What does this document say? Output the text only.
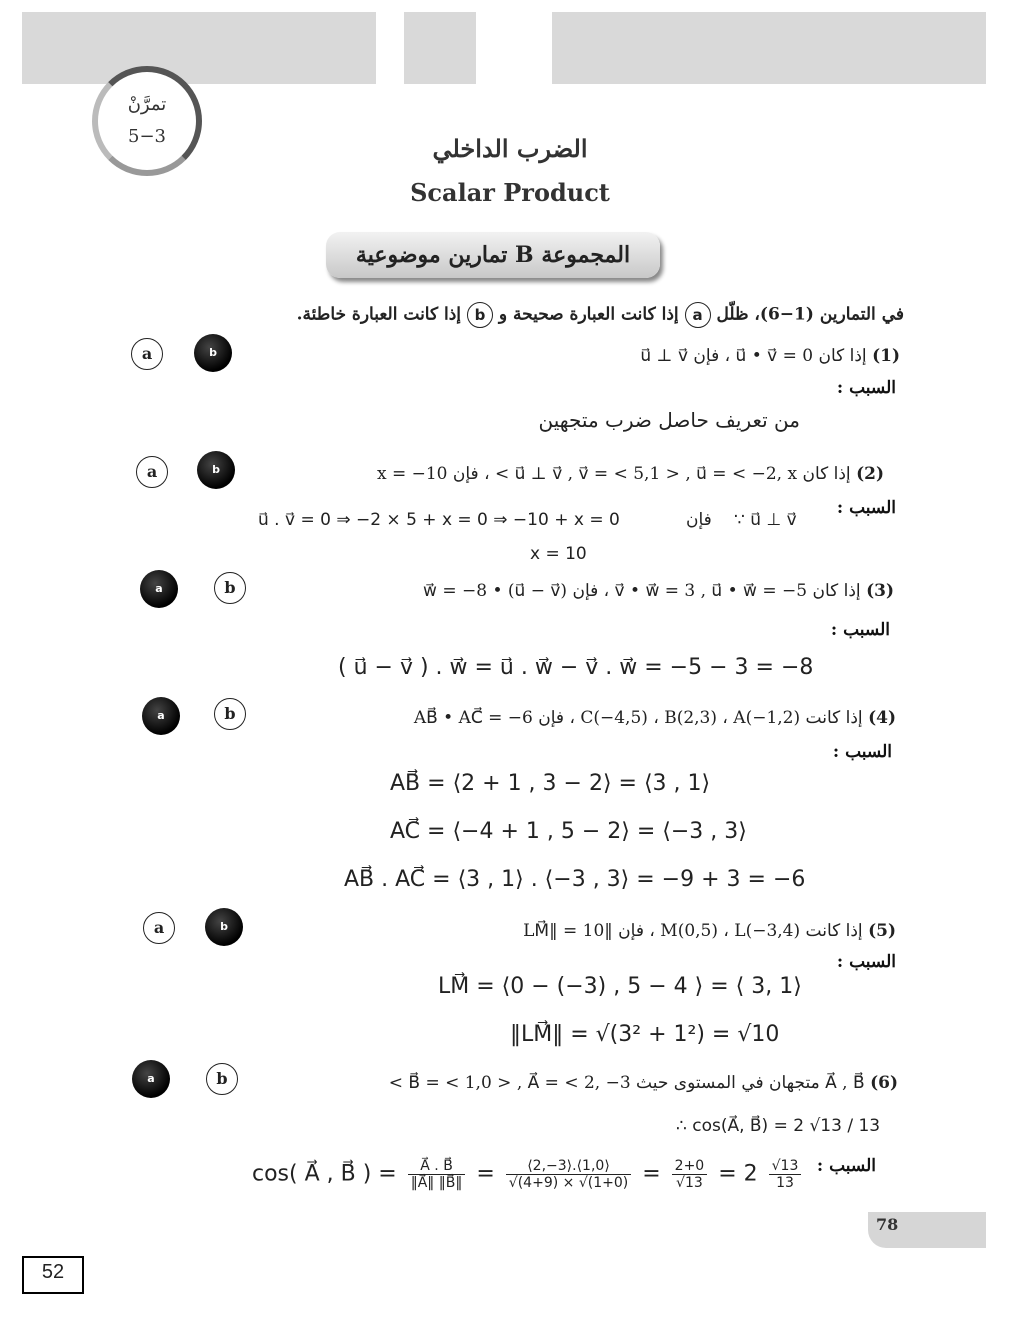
تمرَّنْ
5−3	الضرب الداخلي
Scalar Product
المجموعة B تمارين موضوعية
في التمارين (1−6)، ظلّل a إذا كانت العبارة صحيحة و b إذا كانت العبارة خاطئة.
a	b	(1) إذا كان u⃗ • v⃗ = 0 ، فإن u⃗ ⊥ v⃗
السبب :
من تعريف حاصل ضرب متجهين
a	b	(2) إذا كان u⃗ ⊥ v⃗ , v⃗ = < 5,1 > , u⃗ = < −2, x > ، فإن x = −10
السبب :
∵ u⃗ ⊥ v⃗
فإن
u⃗ . v⃗ = 0 ⇒ −2 × 5 + x = 0 ⇒ −10 + x = 0
x = 10
a	b	(3) إذا كان v⃗ • w⃗ = 3 , u⃗ • w⃗ = −5 ، فإن (u⃗ − v⃗) • w⃗ = −8
السبب :
( u⃗ − v⃗ ) . w⃗ = u⃗ . w⃗ − v⃗ . w⃗ = −5 − 3 = −8
a	b	(4) إذا كانت C(−4,5) ، B(2,3) ، A(−1,2) ، فإن AB⃗ • AC⃗ = −6
السبب :
AB⃗ = ⟨2 + 1 , 3 − 2⟩ = ⟨3 , 1⟩
AC⃗ = ⟨−4 + 1 , 5 − 2⟩ = ⟨−3 , 3⟩
AB⃗ . AC⃗ = ⟨3 , 1⟩ . ⟨−3 , 3⟩ = −9 + 3 = −6
a	b	(5) إذا كانت M(0,5) ، L(−3,4) ، فإن ‖LM⃗‖ = 10
السبب :
LM⃗ = ⟨0 − (−3) , 5 − 4 ⟩ = ⟨ 3, 1⟩
‖LM⃗‖ = √(3² + 1²) = √10
a	b	(6) A⃗ , B⃗ متجهان في المستوى حيث B⃗ = < 1,0 > , A⃗ = < 2, −3 >
∴ cos(A⃗, B⃗) = 2 √13 / 13
السبب :
cos( A⃗ , B⃗ ) = $\frac{A⃗ . B⃗}{‖A⃗‖ ‖B⃗‖} = \frac{⟨2,-3⟩.⟨1,0⟩}{√(4+9) \times √(1+0)} = \frac{2+0}{√13} = 2 \frac{√13}{13}$
78
52
